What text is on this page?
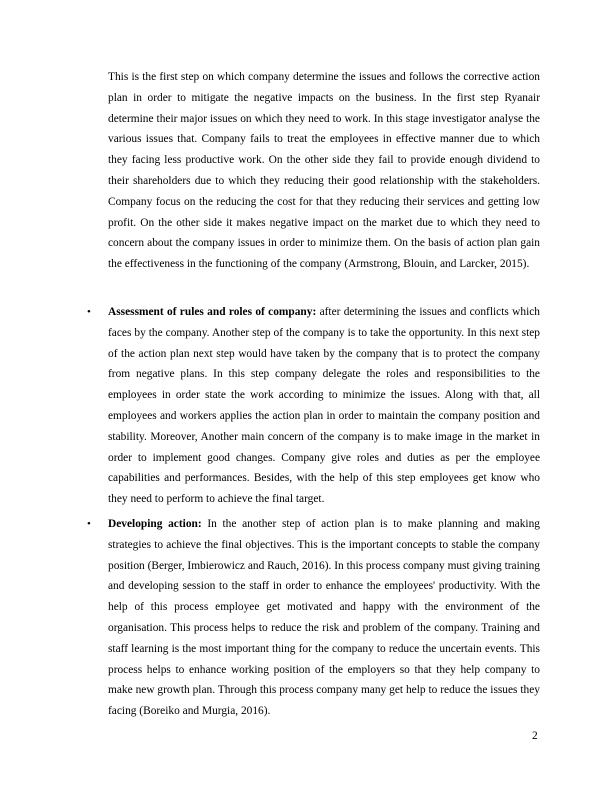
This is the first step on which company determine the issues and follows the corrective action plan in order to mitigate the negative impacts on the business. In the first step Ryanair determine their major issues on which they need to work. In this stage investigator analyse the various issues that. Company fails to treat the employees in effective manner due to which they facing less productive work. On the other side they fail to provide enough dividend to their shareholders due to which they reducing their good relationship with the stakeholders. Company focus on the reducing the cost for that they reducing their services and getting low profit. On the other side it makes negative impact on the market due to which they need to concern about the company issues in order to minimize them. On the basis of action plan gain the effectiveness in the functioning of the company (Armstrong, Blouin, and Larcker, 2015).

• Assessment of rules and roles of company: after determining the issues and conflicts which faces by the company. Another step of the company is to take the opportunity. In this next step of the action plan next step would have taken by the company that is to protect the company from negative plans. In this step company delegate the roles and responsibilities to the employees in order state the work according to minimize the issues. Along with that, all employees and workers applies the action plan in order to maintain the company position and stability. Moreover, Another main concern of the company is to make image in the market in order to implement good changes. Company give roles and duties as per the employee capabilities and performances. Besides, with the help of this step employees get know who they need to perform to achieve the final target.

• Developing action: In the another step of action plan is to make planning and making strategies to achieve the final objectives. This is the important concepts to stable the company position (Berger, Imbierowicz and Rauch, 2016). In this process company must giving training and developing session to the staff in order to enhance the employees' productivity. With the help of this process employee get motivated and happy with the environment of the organisation. This process helps to reduce the risk and problem of the company. Training and staff learning is the most important thing for the company to reduce the uncertain events. This process helps to enhance working position of the employers so that they help company to make new growth plan. Through this process company many get help to reduce the issues they facing (Boreiko and Murgia, 2016).

2
